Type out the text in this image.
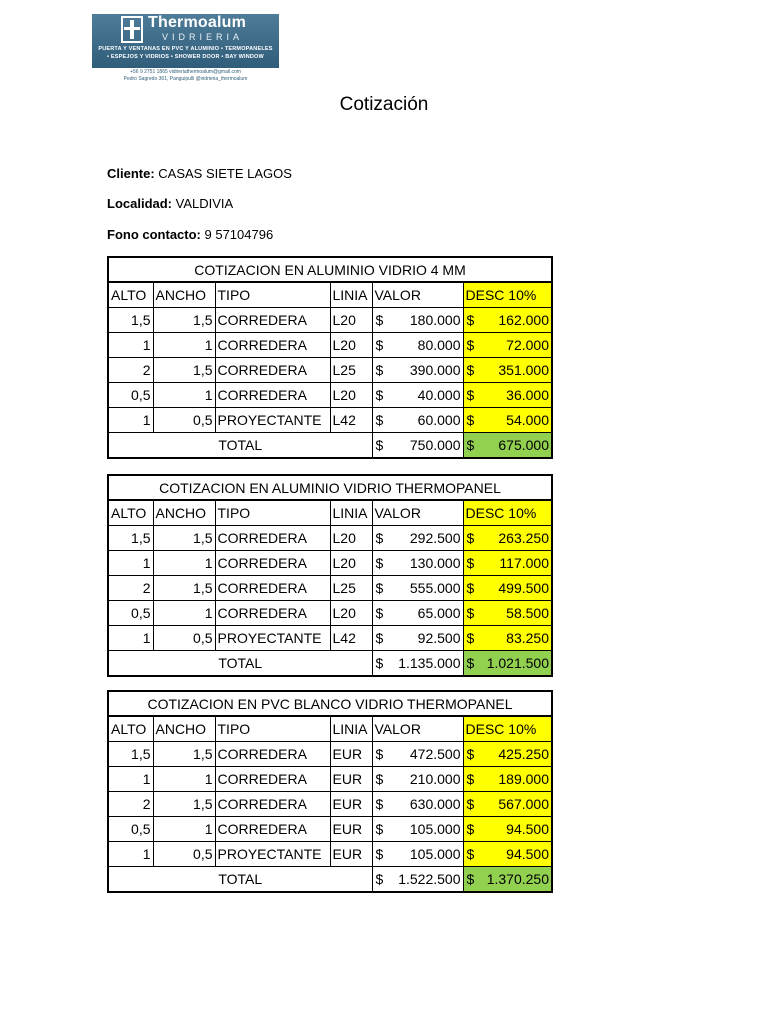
Thermoalum
VIDRIERIA
PUERTA Y VENTANAS EN PVC Y ALUMINIO • TERMOPANELES
• ESPEJOS Y VIDRIOS • SHOWER DOOR • BAY WINDOW
+56 9 2751 1865 vidrieriathermoalum@gmail.com
Pedro Sagredo 361, Panguipulli @vidrieria_thermoalum
Cotización
Cliente: CASAS SIETE LAGOS
Localidad: VALDIVIA
Fono contacto: 9 57104796
COTIZACION EN ALUMINIO VIDRIO 4 MM					
ALTO	ANCHO	TIPO	LINIA	VALOR	DESC 10%
1,5	1,5	CORREDERA	L20	$ 180.000	$ 162.000

1	1	CORREDERA	L20	$ 80.000	$ 72.000

2	1,5	CORREDERA	L25	$ 390.000	$ 351.000

0,5	1	CORREDERA	L20	$ 40.000	$ 36.000

1	0,5	PROYECTANTE	L42	$ 60.000	$ 54.000

TOTAL				$ 750.000	$ 675.000
COTIZACION EN ALUMINIO VIDRIO THERMOPANEL					
ALTO	ANCHO	TIPO	LINIA	VALOR	DESC 10%
1,5	1,5	CORREDERA	L20	$ 292.500	$ 263.250

1	1	CORREDERA	L20	$ 130.000	$ 117.000

2	1,5	CORREDERA	L25	$ 555.000	$ 499.500

0,5	1	CORREDERA	L20	$ 65.000	$ 58.500

1	0,5	PROYECTANTE	L42	$ 92.500	$ 83.250

TOTAL				$ 1.135.000	$ 1.021.500
COTIZACION EN PVC BLANCO VIDRIO THERMOPANEL					
ALTO	ANCHO	TIPO	LINIA	VALOR	DESC 10%
1,5	1,5	CORREDERA	EUR	$ 472.500	$ 425.250

1	1	CORREDERA	EUR	$ 210.000	$ 189.000

2	1,5	CORREDERA	EUR	$ 630.000	$ 567.000

0,5	1	CORREDERA	EUR	$ 105.000	$ 94.500

1	0,5	PROYECTANTE	EUR	$ 105.000	$ 94.500

TOTAL				$ 1.522.500	$ 1.370.250
